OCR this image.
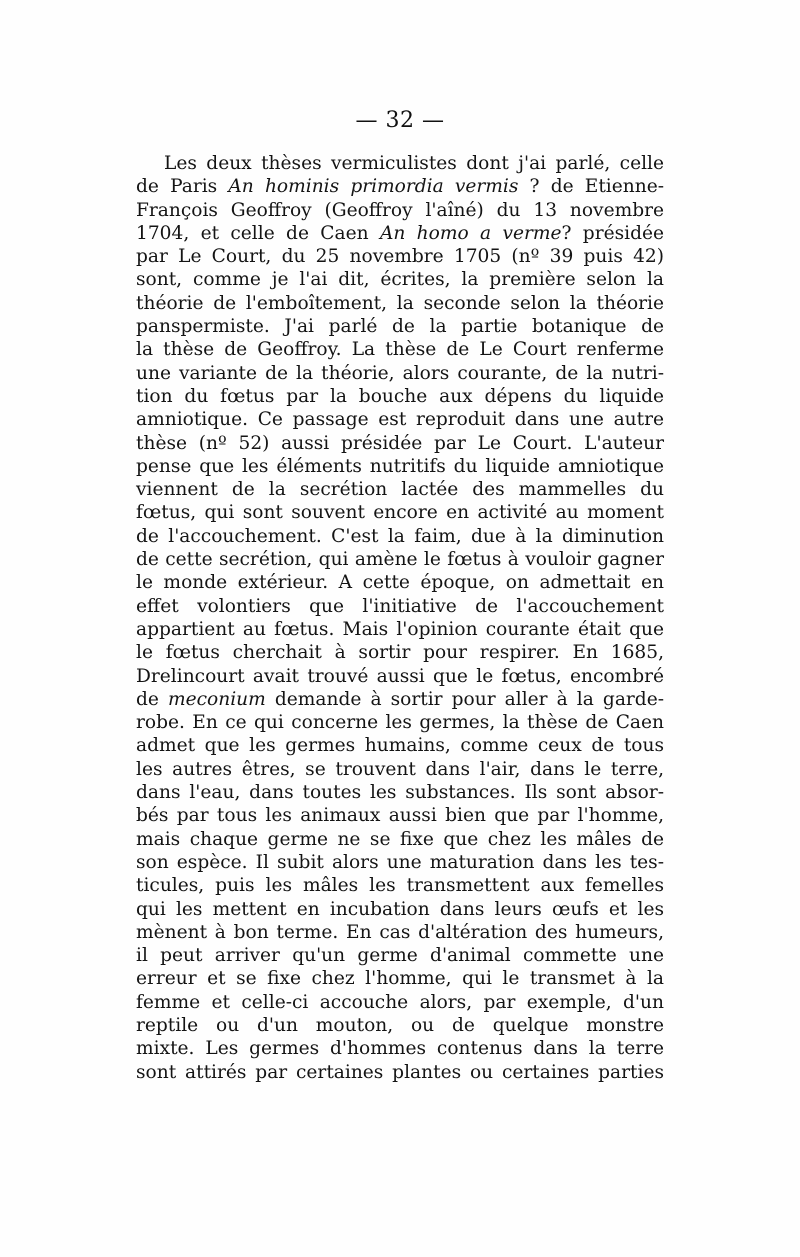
— 32 —
Les deux thèses vermiculistes dont j'ai parlé, celle
de Paris An hominis primordia vermis ? de Etienne-
François Geoffroy (Geoffroy l'aîné) du 13 novembre
1704, et celle de Caen An homo a verme? présidée
par Le Court, du 25 novembre 1705 (nº 39 puis 42)
sont, comme je l'ai dit, écrites, la première selon la
théorie de l'emboîtement, la seconde selon la théorie
panspermiste. J'ai parlé de la partie botanique de
la thèse de Geoffroy. La thèse de Le Court renferme
une variante de la théorie, alors courante, de la nutri-
tion du fœtus par la bouche aux dépens du liquide
amniotique. Ce passage est reproduit dans une autre
thèse (nº 52) aussi présidée par Le Court. L'auteur
pense que les éléments nutritifs du liquide amniotique
viennent de la secrétion lactée des mammelles du
fœtus, qui sont souvent encore en activité au moment
de l'accouchement. C'est la faim, due à la diminution
de cette secrétion, qui amène le fœtus à vouloir gagner
le monde extérieur. A cette époque, on admettait en
effet volontiers que l'initiative de l'accouchement
appartient au fœtus. Mais l'opinion courante était que
le fœtus cherchait à sortir pour respirer. En 1685,
Drelincourt avait trouvé aussi que le fœtus, encombré
de meconium demande à sortir pour aller à la garde-
robe. En ce qui concerne les germes, la thèse de Caen
admet que les germes humains, comme ceux de tous
les autres êtres, se trouvent dans l'air, dans le terre,
dans l'eau, dans toutes les substances. Ils sont absor-
bés par tous les animaux aussi bien que par l'homme,
mais chaque germe ne se fixe que chez les mâles de
son espèce. Il subit alors une maturation dans les tes-
ticules, puis les mâles les transmettent aux femelles
qui les mettent en incubation dans leurs œufs et les
mènent à bon terme. En cas d'altération des humeurs,
il peut arriver qu'un germe d'animal commette une
erreur et se fixe chez l'homme, qui le transmet à la
femme et celle-ci accouche alors, par exemple, d'un
reptile ou d'un mouton, ou de quelque monstre
mixte. Les germes d'hommes contenus dans la terre
sont attirés par certaines plantes ou certaines parties
